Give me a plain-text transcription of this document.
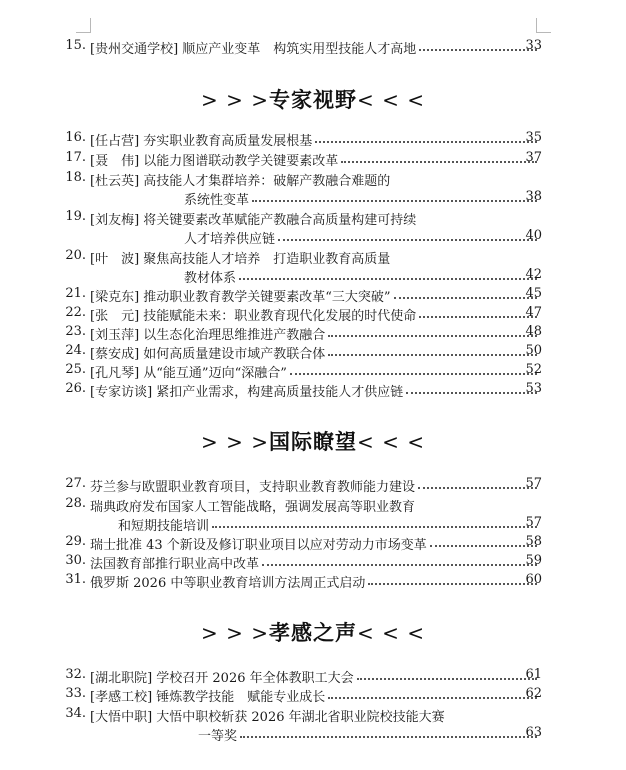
15. [贵州交通学校] 顺应产业变革　构筑实用型技能人才高地	33
> > >专家视野< < <
16. [任占营] 夯实职业教育高质量发展根基	35
17. [聂　伟] 以能力图谱联动教学关键要素改革	37
18. [杜云英] 高技能人才集群培养：破解产教融合难题的
系统性变革	38
19. [刘友梅] 将关键要素改革赋能产教融合高质量构建可持续
人才培养供应链	40
20. [叶　波] 聚焦高技能人才培养　打造职业教育高质量
教材体系	42
21. [梁克东] 推动职业教育教学关键要素改革“三大突破”	45
22. [张　元] 技能赋能未来：职业教育现代化发展的时代使命	47
23. [刘玉萍] 以生态化治理思维推进产教融合	48
24. [蔡安成] 如何高质量建设市域产教联合体	50
25. [孔凡琴] 从“能互通”迈向“深融合”	52
26. [专家访谈] 紧扣产业需求，构建高质量技能人才供应链	53
> > >国际瞭望< < <
27. 芬兰参与欧盟职业教育项目，支持职业教育教师能力建设	57
28. 瑞典政府发布国家人工智能战略，强调发展高等职业教育
和短期技能培训	57
29. 瑞士批准 43 个新设及修订职业项目以应对劳动力市场变革	58
30. 法国教育部推行职业高中改革	59
31. 俄罗斯 2026 中等职业教育培训方法周正式启动	60
> > >孝感之声< < <
32. [湖北职院] 学校召开 2026 年全体教职工大会	61
33. [孝感工校] 锤炼教学技能　赋能专业成长	62
34. [大悟中职] 大悟中职校斩获 2026 年湖北省职业院校技能大赛
一等奖	63
